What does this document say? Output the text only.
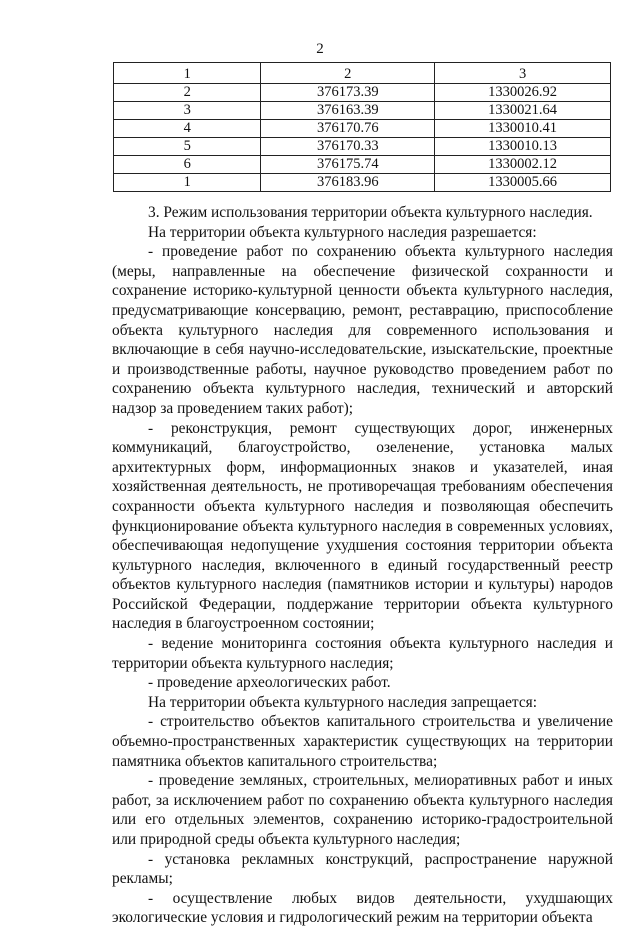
2
1	2	3
2	376173.39	1330026.92
3	376163.39	1330021.64
4	376170.76	1330010.41
5	376170.33	1330010.13
6	376175.74	1330002.12
1	376183.96	1330005.66

3. Режим использования территории объекта культурного наследия.

На территории объекта культурного наследия разрешается:

- проведение работ по сохранению объекта культурного наследия (меры, направленные на обеспечение физической сохранности и сохранение историко-культурной ценности объекта культурного наследия, предусматривающие консервацию, ремонт, реставрацию, приспособление объекта культурного наследия для современного использования и включающие в себя научно-исследовательские, изыскательские, проектные и производственные работы, научное руководство проведением работ по сохранению объекта культурного наследия, технический и авторский надзор за проведением таких работ);

- реконструкция, ремонт существующих дорог, инженерных коммуникаций, благоустройство, озеленение, установка малых архитектурных форм, информационных знаков и указателей, иная хозяйственная деятельность, не противоречащая требованиям обеспечения сохранности объекта культурного наследия и позволяющая обеспечить функционирование объекта культурного наследия в современных условиях, обеспечивающая недопущение ухудшения состояния территории объекта культурного наследия, включенного в единый государственный реестр объектов культурного наследия (памятников истории и культуры) народов Российской Федерации, поддержание территории объекта культурного наследия в благоустроенном состоянии;

- ведение мониторинга состояния объекта культурного наследия и территории объекта культурного наследия;

- проведение археологических работ.

На территории объекта культурного наследия запрещается:

- строительство объектов капитального строительства и увеличение объемно-пространственных характеристик существующих на территории памятника объектов капитального строительства;

- проведение земляных, строительных, мелиоративных работ и иных работ, за исключением работ по сохранению объекта культурного наследия или его отдельных элементов, сохранению историко-градостроительной или природной среды объекта культурного наследия;

- установка рекламных конструкций, распространение наружной рекламы;

- осуществление любых видов деятельности, ухудшающих экологические условия и гидрологический режим на территории объекта
